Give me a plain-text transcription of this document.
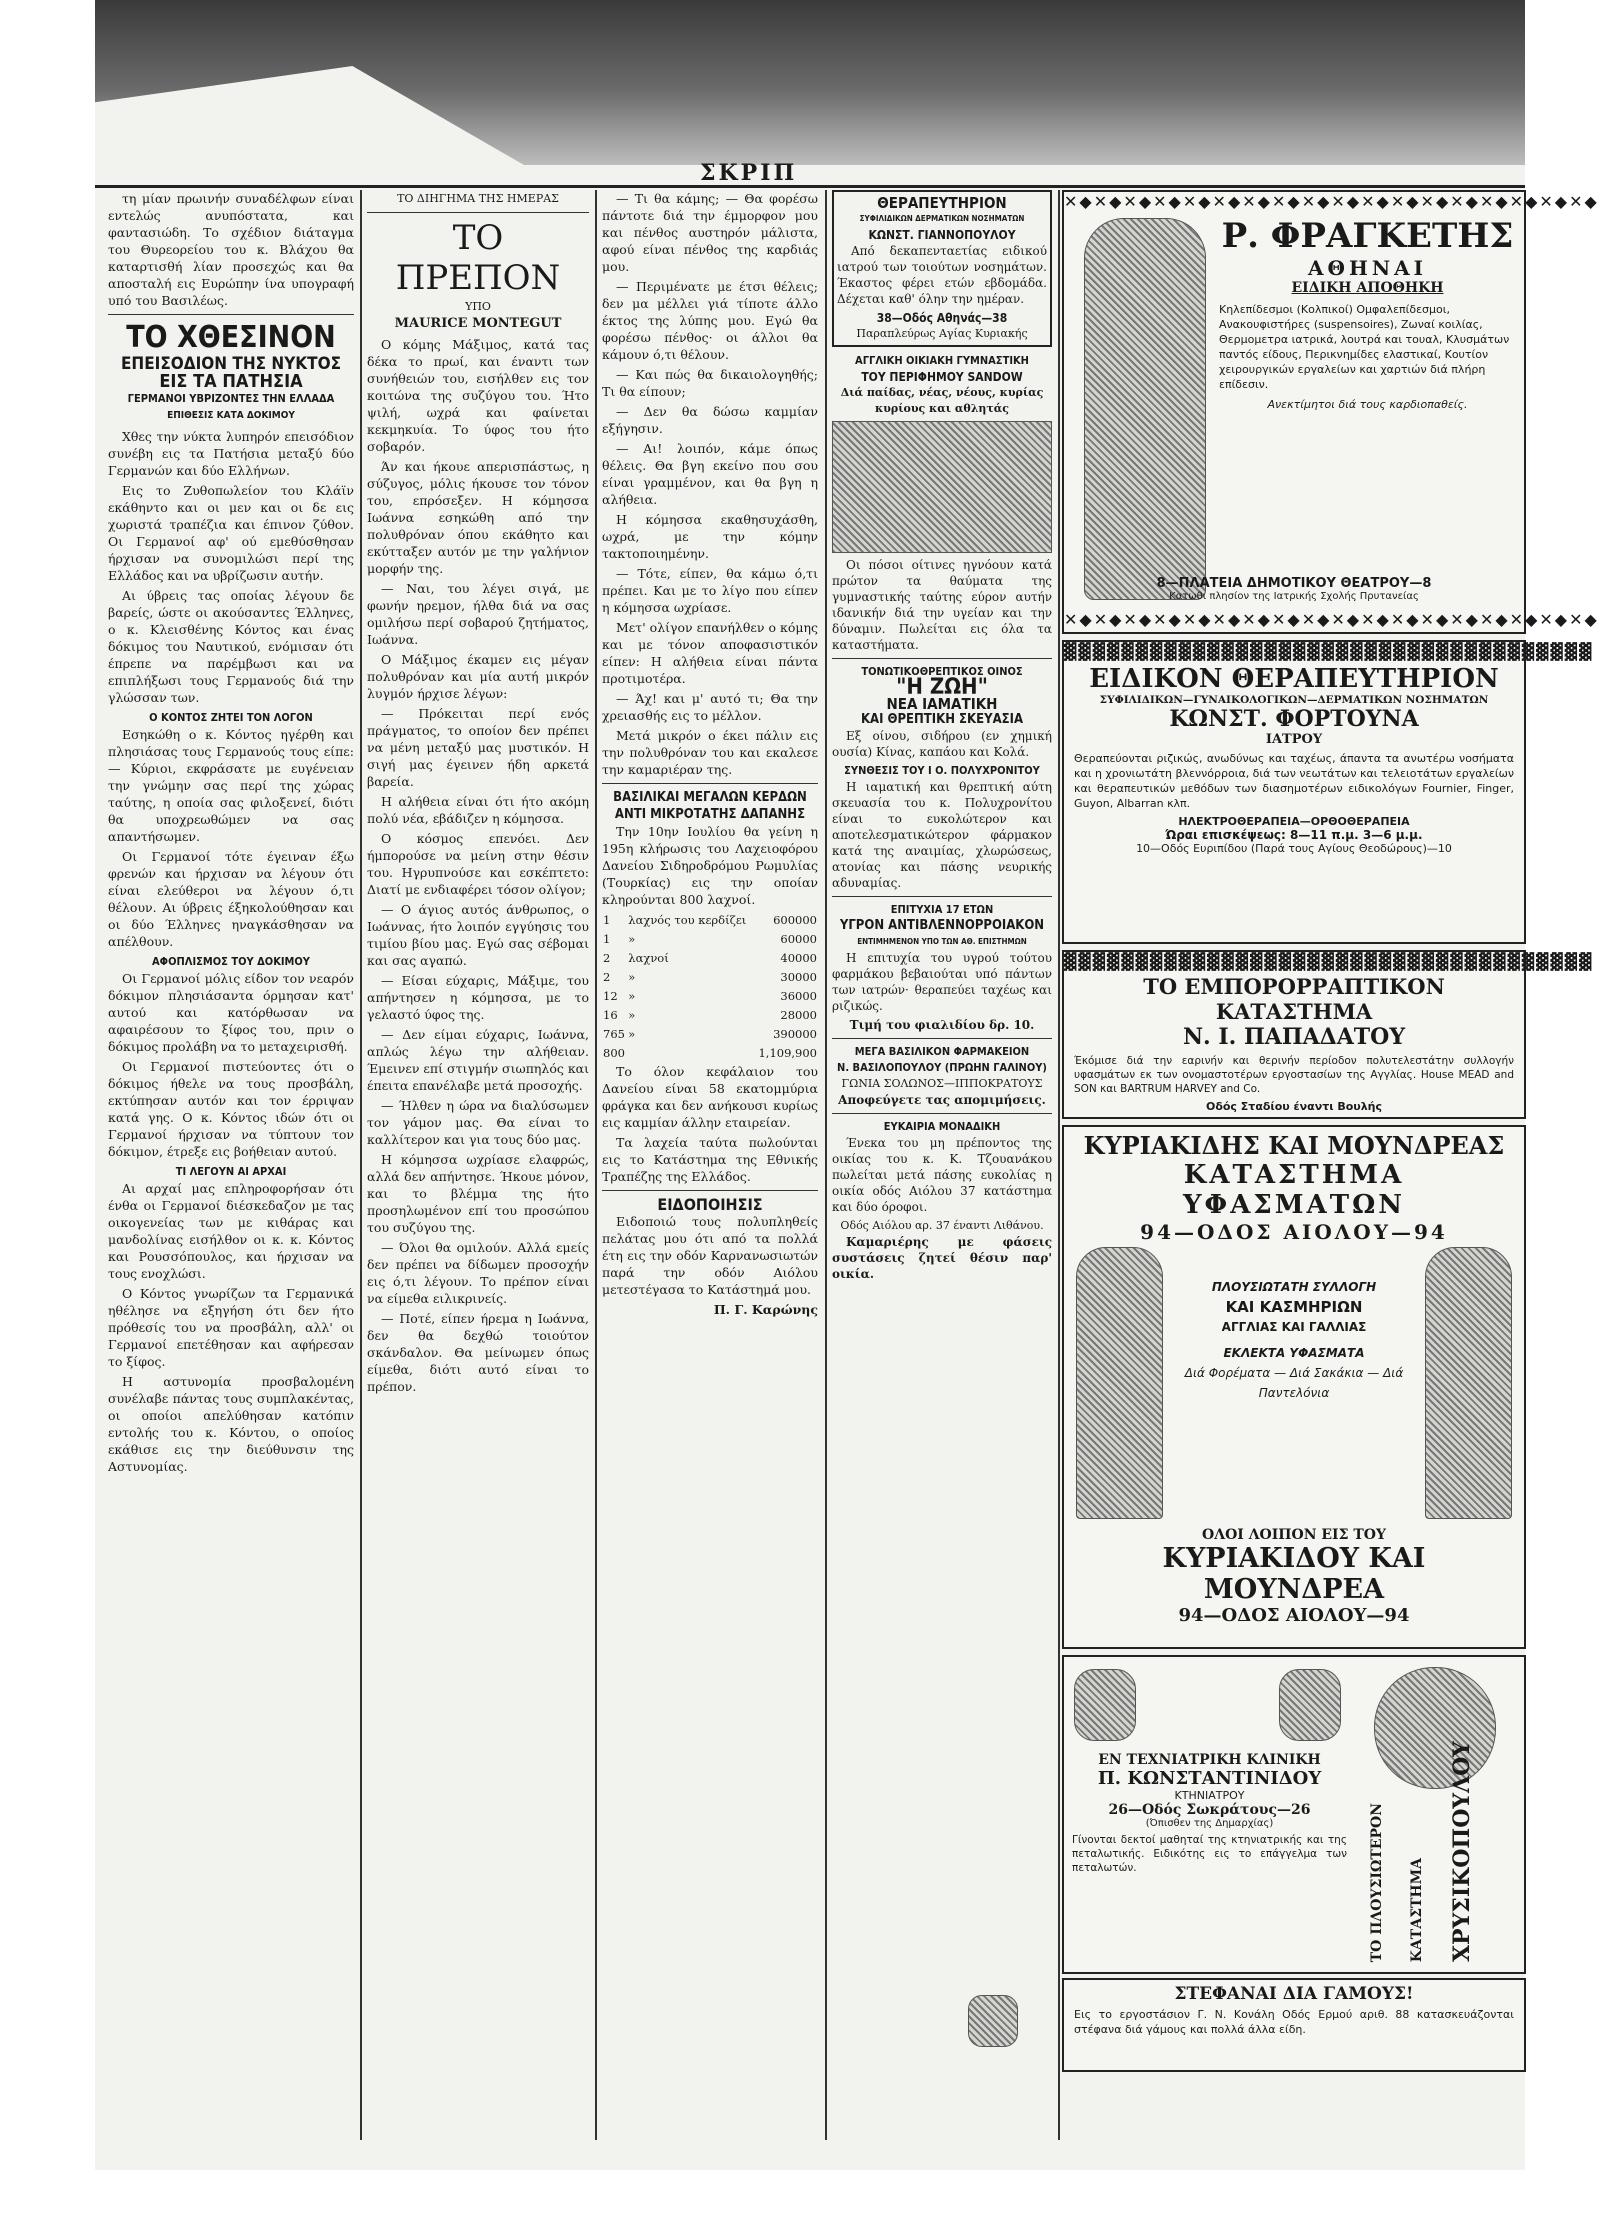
ΣΚΡΙΠ

τη μίαν πρωινήν συναδέλφων είναι εντελώς ανυπόστατα, και φαντασιώδη. Το σχέδιον διάταγμα του Θυρεορείου του κ. Βλάχου θα καταρτισθή λίαν προσεχώς και θα αποσταλή εις Ευρώπην ίνα υπογραφή υπό του Βασιλέως.

ΤΟ ΧΘΕΣΙΝΟΝ
ΕΠΕΙΣΟΔΙΟΝ ΤΗΣ ΝΥΚΤΟΣ
ΕΙΣ ΤΑ ΠΑΤΗΣΙΑ
ΓΕΡΜΑΝΟΙ ΥΒΡΙΖΟΝΤΕΣ ΤΗΝ ΕΛΛΑΔΑ
ΕΠΙΘΕΣΙΣ ΚΑΤΑ ΔΟΚΙΜΟΥ

Χθες την νύκτα λυπηρόν επεισόδιον συνέβη εις τα Πατήσια μεταξύ δύο Γερμανών και δύο Ελλήνων.

Εις το Ζυθοπωλείον του Κλάϊν εκάθηντο και οι μεν και οι δε εις χωριστά τραπέζια και έπινον ζύθον. Οι Γερμανοί αφ' ού εμεθύσθησαν ήρχισαν να συνομιλώσι περί της Ελλάδος και να υβρίζωσιν αυτήν.

Αι ύβρεις τας οποίας λέγουν δε βαρείς, ώστε οι ακούσαντες Έλληνες, ο κ. Κλεισθένης Κόντος και ένας δόκιμος του Ναυτικού, ενόμισαν ότι έπρεπε να παρέμβωσι και να επιπλήξωσι τους Γερμανούς διά την γλώσσαν των.

Ο ΚΟΝΤΟΣ ΖΗΤΕΙ ΤΟΝ ΛΟΓΟΝ

Εσηκώθη ο κ. Κόντος ηγέρθη και πλησιάσας τους Γερμανούς τους είπε: — Κύριοι, εκφράσατε με ευγένειαν την γνώμην σας περί της χώρας ταύτης, η οποία σας φιλοξενεί, διότι θα υποχρεωθώμεν να σας απαντήσωμεν.

Οι Γερμανοί τότε έγειναν έξω φρενών και ήρχισαν να λέγουν ότι είναι ελεύθεροι να λέγουν ό,τι θέλουν. Αι ύβρεις έξηκολούθησαν και οι δύο Έλληνες ηναγκάσθησαν να απέλθουν.

ΑΦΟΠΛΙΣΜΟΣ ΤΟΥ ΔΟΚΙΜΟΥ

Οι Γερμανοί μόλις είδον τον νεαρόν δόκιμον πλησιάσαντα όρμησαν κατ' αυτού και κατόρθωσαν να αφαιρέσουν το ξίφος του, πριν ο δόκιμος προλάβη να το μεταχειρισθή.

Οι Γερμανοί πιστεύοντες ότι ο δόκιμος ήθελε να τους προσβάλη, εκτύπησαν αυτόν και τον έρριψαν κατά γης. Ο κ. Κόντος ιδών ότι οι Γερμανοί ήρχισαν να τύπτουν τον δόκιμον, έτρεξε εις βοήθειαν αυτού.

ΤΙ ΛΕΓΟΥΝ ΑΙ ΑΡΧΑΙ

Αι αρχαί μας επληροφορήσαν ότι ένθα οι Γερμανοί διέσκεδαζον με τας οικογενείας των με κιθάρας και μανδολίνας εισήλθον οι κ. κ. Κόντος και Ρουσσόπουλος, και ήρχισαν να τους ενοχλώσι.

Ο Κόντος γνωρίζων τα Γερμανικά ηθέλησε να εξηγήση ότι δεν ήτο πρόθεσίς του να προσβάλη, αλλ' οι Γερμανοί επετέθησαν και αφήρεσαν το ξίφος.

Η αστυνομία προσβαλομένη συνέλαβε πάντας τους συμπλακέντας, οι οποίοι απελύθησαν κατόπιν εντολής του κ. Κόντου, ο οποίος εκάθισε εις την διεύθυνσιν της Αστυνομίας.

ΤΟ ΔΙΗΓΗΜΑ ΤΗΣ ΗΜΕΡΑΣ
ΤΟ ΠΡΕΠΟΝ
ΥΠΟ
MAURICE MONTEGUT

Ο κόμης Μάξιμος, κατά τας δέκα το πρωί, και έναντι των συνήθειών του, εισήλθεν εις τον κοιτώνα της συζύγου του. Ήτο ψιλή, ωχρά και φαίνεται κεκμηκυία. Το ύφος του ήτο σοβαρόν.

Άν και ήκουε απερισπάστως, η σύζυγος, μόλις ήκουσε τον τόνον του, επρόσεξεν. Η κόμησσα Ιωάννα εσηκώθη από την πολυθρόναν όπου εκάθητο και εκύτταξεν αυτόν με την γαλήνιον μορφήν της.

— Ναι, του λέγει σιγά, με φωνήν ηρεμον, ήλθα διά να σας ομιλήσω περί σοβαρού ζητήματος, Ιωάννα.

Ο Μάξιμος έκαμεν εις μέγαν πολυθρόναν και μία αυτή μικρόν λυγμόν ήρχισε λέγων:

— Πρόκειται περί ενός πράγματος, το οποίον δεν πρέπει να μένη μεταξύ μας μυστικόν. Η σιγή μας έγεινεν ήδη αρκετά βαρεία.

Η αλήθεια είναι ότι ήτο ακόμη πολύ νέα, εβάδιζεν η κόμησσα.

Ο κόσμος επενόει. Δεν ήμπορούσε να μείνη στην θέσιν του. Ηγρυπνούσε και εσκέπτετο: Διατί με ενδιαφέρει τόσον ολίγον;

— Ο άγιος αυτός άνθρωπος, ο Ιωάννας, ήτο λοιπόν εγγύησις του τιμίου βίου μας. Εγώ σας σέβομαι και σας αγαπώ.

— Είσαι εύχαρις, Μάξιμε, του απήντησεν η κόμησσα, με το γελαστό ύφος της.

— Δεν είμαι εύχαρις, Ιωάννα, απλώς λέγω την αλήθειαν. Έμεινεν επί στιγμήν σιωπηλός και έπειτα επανέλαβε μετά προσοχής.

— Ήλθεν η ώρα να διαλύσωμεν τον γάμον μας. Θα είναι το καλλίτερον και για τους δύο μας.

Η κόμησσα ωχρίασε ελαφρώς, αλλά δεν απήντησε. Ήκουε μόνον, και το βλέμμα της ήτο προσηλωμένον επί του προσώπου του συζύγου της.

— Όλοι θα ομιλούν. Αλλά εμείς δεν πρέπει να δίδωμεν προσοχήν εις ό,τι λέγουν. Το πρέπον είναι να είμεθα ειλικρινείς.

— Ποτέ, είπεν ήρεμα η Ιωάννα, δεν θα δεχθώ τοιούτον σκάνδαλον. Θα μείνωμεν όπως είμεθα, διότι αυτό είναι το πρέπον.

— Τι θα κάμης; — Θα φορέσω πάντοτε διά την έμμορφον μου και πένθος αυστηρόν μάλιστα, αφού είναι πένθος της καρδιάς μου.

— Περιμένατε με έτσι θέλεις; δεν μα μέλλει γιά τίποτε άλλο έκτος της λύπης μου. Εγώ θα φορέσω πένθος· οι άλλοι θα κάμουν ό,τι θέλουν.

— Και πώς θα δικαιολογηθής; Τι θα είπουν;

— Δεν θα δώσω καμμίαν εξήγησιν.

— Αι! λοιπόν, κάμε όπως θέλεις. Θα βγη εκείνο που σου είναι γραμμένον, και θα βγη η αλήθεια.

Η κόμησσα εκαθησυχάσθη, ωχρά, με την κόμην τακτοποιημένην.

— Τότε, είπεν, θα κάμω ό,τι πρέπει. Και με το λίγο που είπεν η κόμησσα ωχρίασε.

Μετ' ολίγον επανήλθεν ο κόμης και με τόνον αποφασιστικόν είπεν: Η αλήθεια είναι πάντα προτιμοτέρα.

— Άχ! και μ' αυτό τι; Θα την χρειασθής εις το μέλλον.

Μετά μικρόν ο έκει πάλιν εις την πολυθρόναν του και εκαλεσε την καμαριέραν της.

ΒΑΣΙΛΙΚΑΙ ΜΕΓΑΛΩΝ ΚΕΡΔΩΝ
ΑΝΤΙ ΜΙΚΡΟΤΑΤΗΣ ΔΑΠΑΝΗΣ

Την 10ην Ιουλίου θα γείνη η 195η κλήρωσις του Λαχειοφόρου Δανείου Σιδηροδρόμου Ρωμυλίας (Τουρκίας) εις την οποίαν κληρούνται 800 λαχνοί.

1	λαχνός του κερδίζει	600000
1	»	60000
2	λαχνοί	40000
2	»	30000
12	»	36000
16	»	28000
765	»	390000
800		1,109,900

Το όλον κεφάλαιον του Δανείου είναι 58 εκατομμύρια φράγκα και δεν ανήκουσι κυρίως εις καμμίαν άλλην εταιρείαν.

Τα λαχεία ταύτα πωλούνται εις το Κατάστημα της Εθνικής Τραπέζης της Ελλάδος.

ΕΙΔΟΠΟΙΗΣΙΣ

Ειδοποιώ τους πολυπληθείς πελάτας μου ότι από τα πολλά έτη εις την οδόν Καρνανωσιωτών παρά την οδόν Αιόλου μετεστέγασα το Κατάστημά μου.

Π. Γ. Καρώνης
ΘΕΡΑΠΕΥΤΗΡΙΟΝ
ΣΥΦΙΛΙΔΙΚΩΝ ΔΕΡΜΑΤΙΚΩΝ ΝΟΣΗΜΑΤΩΝ
ΚΩΝΣΤ. ΓΙΑΝΝΟΠΟΥΛΟΥ

Από δεκαπενταετίας ειδικού ιατρού των τοιούτων νοσημάτων. Έκαστος φέρει ετών εβδομάδα. Δέχεται καθ' όλην την ημέραν.

38—Οδός Αθηνάς—38
Παραπλεύρως Αγίας Κυριακής
ΑΓΓΛΙΚΗ ΟΙΚΙΑΚΗ ΓΥΜΝΑΣΤΙΚΗ
ΤΟΥ ΠΕΡΙΦΗΜΟΥ SANDOW
Διά παίδας, νέας, νέους, κυρίας κυρίους και αθλητάς

Οι πόσοι οίτινες ηγνόουν κατά πρώτον τα θαύματα της γυμναστικής ταύτης εύρον αυτήν ιδανικήν διά την υγείαν και την δύναμιν. Πωλείται εις όλα τα καταστήματα.

ΤΟΝΩΤΙΚΟΘΡΕΠΤΙΚΟΣ ΟΙΝΟΣ
"Η ΖΩΗ"
ΝΕΑ ΙΑΜΑΤΙΚΗ
ΚΑΙ ΘΡΕΠΤΙΚΗ ΣΚΕΥΑΣΙΑ

Εξ οίνου, σιδήρου (εν χημική ουσία) Κίνας, καπάου και Κολά.

ΣΥΝΘΕΣΙΣ ΤΟΥ Ι Ο. ΠΟΛΥΧΡΟΝΙΤΟΥ

Η ιαματική και θρεπτική αύτη σκευασία του κ. Πολυχρονίτου είναι το ευκολώτερον και αποτελεσματικώτερον φάρμακον κατά της αναιμίας, χλωρώσεως, ατονίας και πάσης νευρικής αδυναμίας.

ΕΠΙΤΥΧΙΑ 17 ΕΤΩΝ
ΥΓΡΟΝ ΑΝΤΙΒΛΕΝΝΟΡΡΟΙΑΚΟΝ
ΕΝΤΙΜΗΜΕΝΟΝ ΥΠΟ ΤΩΝ ΑΘ. ΕΠΙΣΤΗΜΩΝ

Η επιτυχία του υγρού τούτου φαρμάκου βεβαιούται υπό πάντων των ιατρών· θεραπεύει ταχέως και ριζικώς.

Τιμή του φιαλιδίου δρ. 10.
ΜΕΓΑ ΒΑΣΙΛΙΚΟΝ ΦΑΡΜΑΚΕΙΟΝ
Ν. ΒΑΣΙΛΟΠΟΥΛΟΥ (ΠΡΩΗΝ ΓΑΛΙΝΟΥ)
ΓΩΝΙΑ ΣΟΛΩΝΟΣ—ΙΠΠΟΚΡΑΤΟΥΣ
Αποφεύγετε τας απομιμήσεις.
ΕΥΚΑΙΡΙΑ ΜΟΝΑΔΙΚΗ

Ένεκα του μη πρέποντος της οικίας του κ. Κ. Τζουανάκου πωλείται μετά πάσης ευκολίας η οικία οδός Αιόλου 37 κατάστημα και δύο όροφοι.

Οδός Αιόλου αρ. 37 έναντι Λιθάνου.

Καμαριέρης με φάσεις συστάσεις ζητεί θέσιν παρ' οικία.

✕◆✕◆✕◆✕◆✕◆✕◆✕◆✕◆✕◆✕◆✕◆✕◆✕◆✕◆✕◆✕◆✕◆✕◆
Ρ. ΦΡΑΓΚΕΤΗΣ
ΑΘΗΝΑΙ
ΕΙΔΙΚΗ ΑΠΟΘΗΚΗ

Κηλεπίδεσμοι (Κολπικοί) Ομφαλεπίδεσμοι, Ανακουφιστήρες (suspensoires), Ζωναί κοιλίας, Θερμομετρα ιατρικά, λουτρά και τουαλ, Κλυσμάτων παντός είδους, Περικνημίδες ελαστικαί, Κουτίον χειρουργικών εργαλείων και χαρτιών διά πλήρη επίδεσιν.

Ανεκτίμητοι διά τους καρδιοπαθείς.
8—ΠΛΑΤΕΙΑ ΔΗΜΟΤΙΚΟΥ ΘΕΑΤΡΟΥ—8
Κατωθι πλησίον της Ιατρικής Σχολής Πρυτανείας
✕◆✕◆✕◆✕◆✕◆✕◆✕◆✕◆✕◆✕◆✕◆✕◆✕◆✕◆✕◆✕◆✕◆✕◆
▓▓▓▓▓▓▓▓▓▓▓▓▓▓▓▓▓▓▓▓▓▓▓▓▓▓▓▓▓▓▓▓▓▓▓▓▓
ΕΙΔΙΚΟΝ ΘΕΡΑΠΕΥΤΗΡΙΟΝ
ΣΥΦΙΛΙΔΙΚΩΝ—ΓΥΝΑΙΚΟΛΟΓΙΚΩΝ—ΔΕΡΜΑΤΙΚΩΝ ΝΟΣΗΜΑΤΩΝ
ΚΩΝΣΤ. ΦΟΡΤΟΥΝΑ
ΙΑΤΡΟΥ

Θεραπεύονται ριζικώς, ανωδύνως και ταχέως, άπαντα τα ανωτέρω νοσήματα και η χρονιωτάτη βλεννόρροια, διά των νεωτάτων και τελειοτάτων εργαλείων και θεραπευτικών μεθόδων των διασημοτέρων ειδικολόγων Fournier, Finger, Guyon, Albarran κλπ.

ΗΛΕΚΤΡΟΘΕΡΑΠΕΙΑ—ΟΡΘΟΘΕΡΑΠΕΙΑ
Ώραι επισκέψεως: 8—11 π.μ. 3—6 μ.μ.
10—Οδός Ευριπίδου (Παρά τους Αγίους Θεοδώρους)—10
▓▓▓▓▓▓▓▓▓▓▓▓▓▓▓▓▓▓▓▓▓▓▓▓▓▓▓▓▓▓▓▓▓▓▓▓▓
ΤΟ ΕΜΠΟΡΟΡΡΑΠΤΙΚΟΝ ΚΑΤΑΣΤΗΜΑ
Ν. Ι. ΠΑΠΑΔΑΤΟΥ

Έκόμισε διά την εαρινήν και θερινήν περίοδον πολυτελεστάτην συλλογήν υφασμάτων εκ των ονομαστοτέρων εργοστασίων της Αγγλίας. House MEAD and SON και BARTRUM HARVEY and Co.

Οδός Σταδίου έναντι Βουλής
ΚΥΡΙΑΚΙΔΗΣ ΚΑΙ ΜΟΥΝΔΡΕΑΣ
ΚΑΤΑΣΤΗΜΑ ΥΦΑΣΜΑΤΩΝ
94—ΟΔΟΣ ΑΙΟΛΟΥ—94
ΠΛΟΥΣΙΩΤΑΤΗ ΣΥΛΛΟΓΗ
ΚΑΙ ΚΑΣΜΗΡΙΩΝ
ΑΓΓΛΙΑΣ ΚΑΙ ΓΑΛΛΙΑΣ
ΕΚΛΕΚΤΑ ΥΦΑΣΜΑΤΑ
Διά Φορέματα — Διά Σακάκια — Διά Παντελόνια
ΟΛΟΙ ΛΟΙΠΟΝ ΕΙΣ ΤΟΥ
ΚΥΡΙΑΚΙΔΟΥ ΚΑΙ ΜΟΥΝΔΡΕΑ
94—ΟΔΟΣ ΑΙΟΛΟΥ—94
ΕΝ ΤΕΧΝΙΑΤΡΙΚΗ ΚΛΙΝΙΚΗ
Π. ΚΩΝΣΤΑΝΤΙΝΙΔΟΥ
ΚΤΗΝΙΑΤΡΟΥ
26—Οδός Σωκράτους—26
(Όπισθεν της Δημαρχίας)

Γίνονται δεκτοί μαθηταί της κτηνιατρικής και της πεταλωτικής. Ειδικότης εις το επάγγελμα των πεταλωτών.	ΤΟ ΠΛΟΥΣΙΩΤΕΡΟΝ ΚΑΤΑΣΤΗΜΑ ΧΡΥΣΙΚΟΠΟΥΛΟΥ
ΣΤΕΦΑΝΑΙ ΔΙΑ ΓΑΜΟΥΣ!

Εις το εργοστάσιον Γ. Ν. Κονάλη Οδός Ερμού αριθ. 88 κατασκευάζονται στέφανα διά γάμους και πολλά άλλα είδη.
